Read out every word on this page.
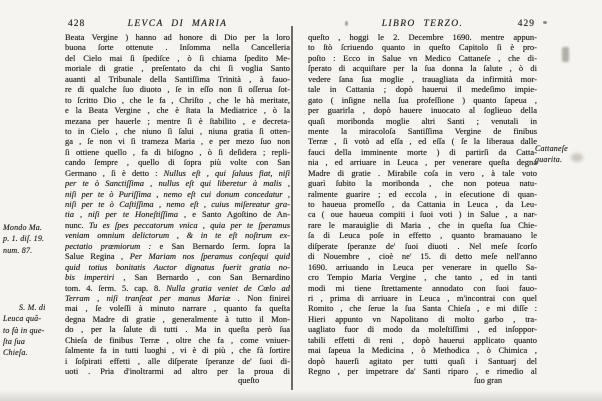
428	LEVCA DI MARIA
Mondo Ma.
p. 1. diſ. 19.
num. 87.
S. M. di
Leuca quã-
to fà in que-
ſta ſua
Chieſa.
Beata Vergine ) hanno ad honore di Dio per la loro
buona ſorte ottenute . Inſomma nella Cancelleria
del Cielo mai ſi ſpediſce , ò ſi chiama ſpedito Me-
moriale di gratie , preſentato da chi ſi voglia Santo
auanti al Tribunale della Santiſſima Trinità , à fauo-
re di qualche ſuo diuoto , ſe in eſſo non ſi oſſerua ſot-
to ſcritto Dio , che le fa , Chriſto , che le hà meritate,
e la Beata Vergine , che è ſtata la Mediatrice , ò la
mezana per hauerle ; mentre ſi è ſtabilito , e decreta-
to in Cielo , che niuno ſi ſalui , niuna gratia ſi otten-
ga , ſe non vi ſi trameza Maria , e per mezo ſuo non
ſi ottiene quello , fa di biſogno , ò ſi deſidera ; repli-
cando ſempre , quello di ſopra più volte con San
Germano , ſi è detto : Nullus eſt , qui ſaluus fiat, niſi
per te ò Sanctiſſima , nullus eſt qui liberetur à malis ,
niſi per te ò Puriſſima , nemo eſt cui donum concedatur ,
niſi per te ò Caſtiſſima , nemo eſt , cuius miſereatur gra-
tia , niſi per te Honeſtiſſima , e Santo Agoſtino de An-
nunc. Tu es ſpes peccatorum vnica , quia per te ſperamus
veniam omnium delictorum , & in te eſt noſtrum ex-
pectatio præmiorum : e San Bernardo ſerm. ſopra la
Salue Regina , Per Mariam nos ſperamus conſequi quid
quid totius bonitatis Auctor dignatus fuerit gratia no-
bis impertiri , San Bernardo , con San Bernardino
tom. 4. ſerm. 5. cap. 8. Nulla gratia veniet de Cœlo ad
Terram , niſi tranſeat per manus Mariæ . Non finirei
mai , ſe voleſſi à minuto narrare , quanto fa queſta
degna Madre di gratie , generalmente à tutto il Mon-
do , per la ſalute di tutti . Ma in queſta però ſua
Chieſa de finibus Terræ , oltre che fa , come vniuer-
ſalmente fa in tutti luoghi , vi è di più , che fà ſortire
i ſoſpirati effetti , alle diſperate ſperanze de' ſuoi di-
uoti . Pria d'inoltrarmi ad altro per la proua di
queſto
LIBRO TERZO.	429
Cattaneſe
guarita.
queſto , hoggi le 2. Decembre 1690. mentre appun-
to ſtò ſcriuendo quanto in queſto Capitolo ſi è pro-
poſto : Ecco in Salue vn Medico Cattaneſe , che di-
ſperato di acquiſtare per la ſua donna la ſalute , ò di
vedere ſana ſua moglie , trauagliata da infirmità mor-
tale in Cattania ; dopò hauerui il medeſimo impie-
gato ( inſigne nella ſua profeſſione ) quanto ſapeua ,
per guarirla , dopò hauere inuocato al ſoglieuo della
quaſi moribonda moglie altri Santi ; venutali in
mente la miracoloſa Santiſſima Vergine de finibus
Terræ , ſi votò ad eſſa , ed eſſa ( ſe la liberaua dalle
fauci della imminente morte ) di partirſi da Catta-
nia , ed arriuare in Leuca , per venerare queſta degna
Madre di gratie . Mirabile coſa in vero , à tale voto
guarì ſubito la moribonda , che non poteua natu-
ralmente guarire ; ed eccola , in eſecutione di quan-
to haueua promeſſo , da Cattania in Leuca , da Leu-
ca ( oue haueua compiti i ſuoi voti ) in Salue , a nar-
rare le marauiglie di Maria , che in queſta ſua Chie-
ſa di Leuca poſe in effetto , quanto bramauano le
diſperate ſperanze de' ſuoi diuoti . Nel meſe ſcorſo
di Nouembre , cioè ne' 15. di detto meſe nell'anno
1690. arriuando in Leuca per venerare in quello Sa-
cro Tempio Maria Vergine , che tanto , ed in tanti
modi mi tiene ſtrettamente annodato con ſuoi fauo-
ri , prima di arriuare in Leuca , m'incontrai con quel
Romito , che ſerue la ſua Santa Chieſa , e mi diſſe :
Hieri appunto vn Napolitano di molto garbo , tra-
uagliato fuor di modo da moleſtiſſimi , ed inſoppor-
tabili effetti di reni , dopò hauerui applicato quanto
mai ſapeua la Medicina , ò Methodica , ò Chimica ,
dopò hauerſi agitato per tutti quaſi i Santuarj del
Regno , per impetrare da' Santi riparo , e rimedio al
ſuo gran
